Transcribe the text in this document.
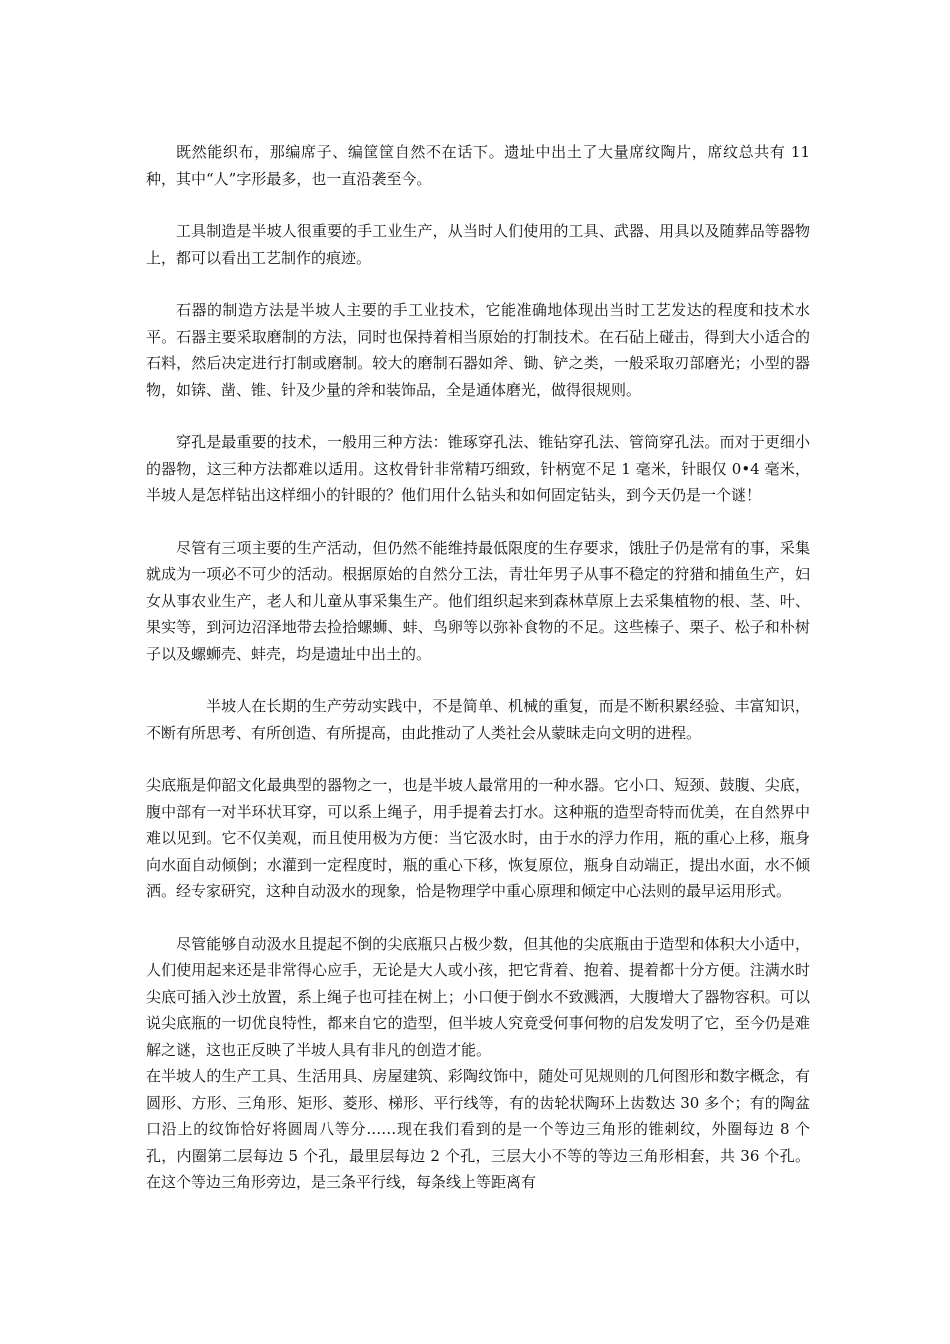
既然能织布，那编席子、编筐筐自然不在话下。遗址中出土了大量席纹陶片，席纹总共有 11 种，其中“人”字形最多，也一直沿袭至今。

工具制造是半坡人很重要的手工业生产，从当时人们使用的工具、武器、用具以及随葬品等器物上，都可以看出工艺制作的痕迹。

石器的制造方法是半坡人主要的手工业技术，它能准确地体现出当时工艺发达的程度和技术水平。石器主要采取磨制的方法，同时也保持着相当原始的打制技术。在石砧上碰击，得到大小适合的石料，然后决定进行打制或磨制。较大的磨制石器如斧、锄、铲之类，一般采取刃部磨光；小型的器物，如锛、凿、锥、针及少量的斧和装饰品，全是通体磨光，做得很规则。

穿孔是最重要的技术，一般用三种方法：锥琢穿孔法、锥钻穿孔法、管筒穿孔法。而对于更细小的器物，这三种方法都难以适用。这枚骨针非常精巧细致，针柄宽不足 1 毫米，针眼仅 0•4 毫米，半坡人是怎样钻出这样细小的针眼的？他们用什么钻头和如何固定钻头，到今天仍是一个谜！

尽管有三项主要的生产活动，但仍然不能维持最低限度的生存要求，饿肚子仍是常有的事，采集就成为一项必不可少的活动。根据原始的自然分工法，青壮年男子从事不稳定的狩猎和捕鱼生产，妇女从事农业生产，老人和儿童从事采集生产。他们组织起来到森林草原上去采集植物的根、茎、叶、果实等，到河边沼泽地带去捡拾螺蛳、蚌、鸟卵等以弥补食物的不足。这些榛子、栗子、松子和朴树子以及螺蛳壳、蚌壳，均是遗址中出土的。

半坡人在长期的生产劳动实践中，不是简单、机械的重复，而是不断积累经验、丰富知识，不断有所思考、有所创造、有所提高，由此推动了人类社会从蒙昧走向文明的进程。

尖底瓶是仰韶文化最典型的器物之一，也是半坡人最常用的一种水器。它小口、短颈、鼓腹、尖底，腹中部有一对半环状耳穿，可以系上绳子，用手提着去打水。这种瓶的造型奇特而优美，在自然界中难以见到。它不仅美观，而且使用极为方便：当它汲水时，由于水的浮力作用，瓶的重心上移，瓶身向水面自动倾倒；水灌到一定程度时，瓶的重心下移，恢复原位，瓶身自动端正，提出水面，水不倾洒。经专家研究，这种自动汲水的现象，恰是物理学中重心原理和倾定中心法则的最早运用形式。

尽管能够自动汲水且提起不倒的尖底瓶只占极少数，但其他的尖底瓶由于造型和体积大小适中，人们使用起来还是非常得心应手，无论是大人或小孩，把它背着、抱着、提着都十分方便。注满水时尖底可插入沙土放置，系上绳子也可挂在树上；小口便于倒水不致溅洒，大腹增大了器物容积。可以说尖底瓶的一切优良特性，都来自它的造型，但半坡人究竟受何事何物的启发发明了它，至今仍是难解之谜，这也正反映了半坡人具有非凡的创造才能。

在半坡人的生产工具、生活用具、房屋建筑、彩陶纹饰中，随处可见规则的几何图形和数字概念，有圆形、方形、三角形、矩形、菱形、梯形、平行线等，有的齿轮状陶环上齿数达 30 多个；有的陶盆口沿上的纹饰恰好将圆周八等分……现在我们看到的是一个等边三角形的锥刺纹，外圈每边 8 个孔，内圈第二层每边 5 个孔，最里层每边 2 个孔，三层大小不等的等边三角形相套，共 36 个孔。在这个等边三角形旁边，是三条平行线，每条线上等距离有
